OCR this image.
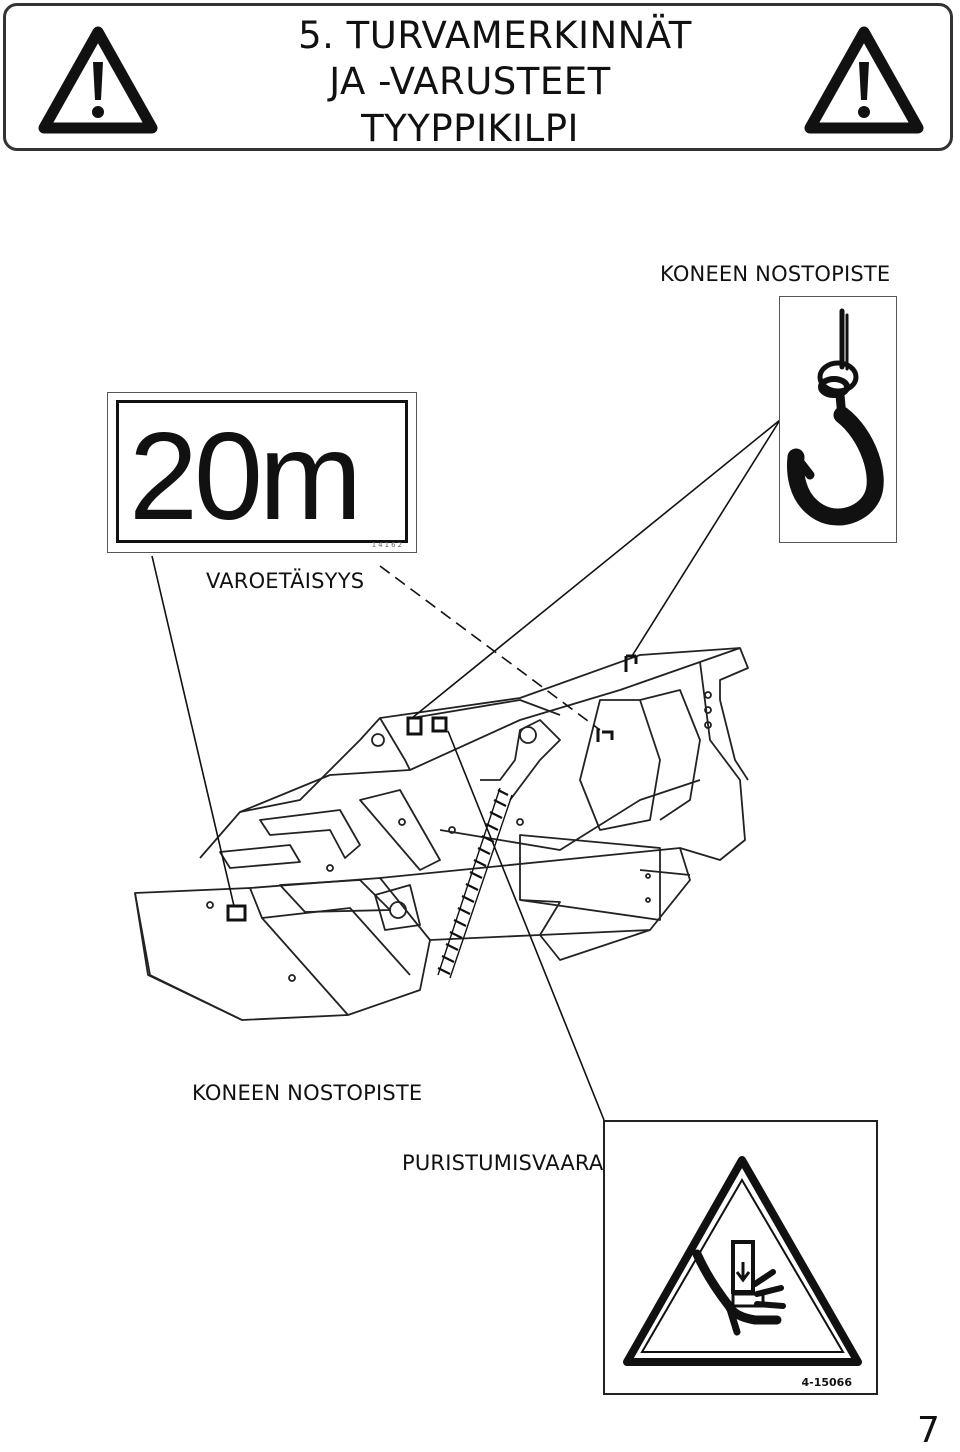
5. TURVAMERKINNÄT
JA -VARUSTEET
TYYPPIKILPI
20m 14162
4-15066
KONEEN NOSTOPISTE
VAROETÄISYYS
KONEEN NOSTOPISTE
PURISTUMISVAARA
7
